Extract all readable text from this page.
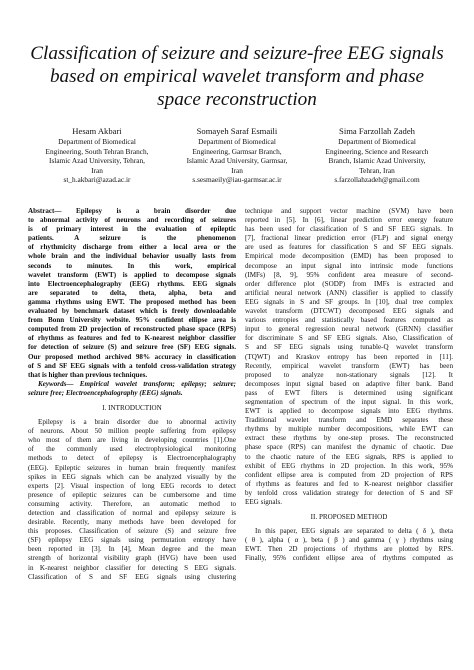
Classification of seizure and seizure-free EEG signals
based on empirical wavelet transform and phase
space reconstruction
Hesam Akbari
Department of Biomedical
Engineering, South Tehran Branch,
Islamic Azad University, Tehran,
Iran
st_h.akbari@azad.ac.ir
Somayeh Saraf Esmaili
Department of Biomedical
Engineering, Garmsar Branch,
Islamic Azad University, Garmsar,
Iran
s.sesmaeily@iau-garmsar.ac.ir
Sima Farzollah Zadeh
Department of Biomedical
Engineering, Science and Research
Branch, Islamic Azad University,
Tehran, Iran
s.farzollahzadeh@gmail.com
Abstract— Epilepsy is a brain disorder due
to abnormal activity of neurons and recording of seizures
is of primary interest in the evaluation of epileptic
patients. A seizure is the phenomenon
of rhythmicity discharge from either a local area or the
whole brain and the individual behavior usually lasts from
seconds to minutes. In this work, empirical
wavelet transform (EWT) is applied to decompose signals
into Electroencephalography (EEG) rhythms. EEG signals
are separated to delta, theta, alpha, beta and
gamma rhythms using EWT. The proposed method has been
evaluated by benchmark dataset which is freely downloadable
from Bonn University website. 95% confident ellipse area is
computed from 2D projection of reconstructed phase space (RPS)
of rhythms as features and fed to K-nearest neighbor classifier
for detection of seizure (S) and seizure free (SF) EEG signals.
Our proposed method archived 98% accuracy in classification
of S and SF EEG signals with a tenfold cross-validation strategy
that is higher than previous techniques.
Keywords— Empirical wavelet transform; epilepsy; seizure;
seizure free; Electroencephalography (EEG) signals.
I. INTRODUCTION
Epilepsy is a brain disorder due to abnormal activity
of neurons. About 50 million people suffering from epilepsy
who most of them are living in developing countries [1].One
of the commonly used electrophysiological monitoring
methods to detect of epilepsy is Electroencephalography
(EEG). Epileptic seizures in human brain frequently manifest
spikes in EEG signals which can be analyzed visually by the
experts [2]. Visual inspection of long EEG records to detect
presence of epileptic seizures can be cumbersome and time
consuming activity. Therefore, an automatic method to
detection and classification of normal and epilepsy seizure is
desirable. Recently, many methods have been developed for
this proposes. Classification of seizure (S) and seizure free
(SF) epilepsy EEG signals using permutation entropy have
been reported in [3]. In [4], Mean degree and the mean
strength of horizontal visibility graph (HVG) have been used
in K-nearest neighbor classifier for detecting S EEG signals.
Classification of S and SF EEG signals using clustering
technique and support vector machine (SVM) have been
reported in [5]. In [6], linear prediction error energy feature
has been used for classification of S and SF EEG signals. In
[7], fractional linear prediction error (FLP) and signal energy
are used as features for classification S and SF EEG signals.
Empirical mode decomposition (EMD) has been proposed to
decompose an input signal into intrinsic mode functions
(IMFs) [8, 9], 95% confident area measure of second-
order difference plot (SODP) from IMFs is extracted and
artificial neural network (ANN) classifier is applied to classify
EEG signals in S and SF groups. In [10], dual tree complex
wavelet transform (DTCWT) decomposed EEG signals and
various entropies and statistically based features computed as
input to general regression neural network (GRNN) classifier
for discriminate S and SF EEG signals. Also, Classification of
S and SF EEG signals using tunable-Q wavelet transform
(TQWT) and Kraskov entropy has been reported in [11].
Recently, empirical wavelet transform (EWT) has been
proposed to analyze non-stationary signals [12]. It
decomposes input signal based on adaptive filter bank. Band
pass of EWT filters is determined using significant
segmentation of spectrum of the input signal. In this work,
EWT is applied to decompose signals into EEG rhythms.
Traditional wavelet transform and EMD separates these
rhythms by multiple number decompositions, while EWT can
extract these rhythms by one-step proses. The reconstructed
phase space (RPS) can manifest the dynamic of chaotic. Due
to the chaotic nature of the EEG signals, RPS is applied to
exhibit of EEG rhythms in 2D projection. In this work, 95%
confident ellipse area is computed from 2D projection of RPS
of rhythms as features and fed to K-nearest neighbor classifier
by tenfold cross validation strategy for detection of S and SF
EEG signals.
II. PROPOSED METHOD
In this paper, EEG signals are separated to delta ( δ ), theta
( θ ), alpha ( α ), beta ( β ) and gamma ( γ ) rhythms using
EWT. Then 2D projections of rhythms are plotted by RPS.
Finally, 95% confident ellipse area of rhythms computed as
